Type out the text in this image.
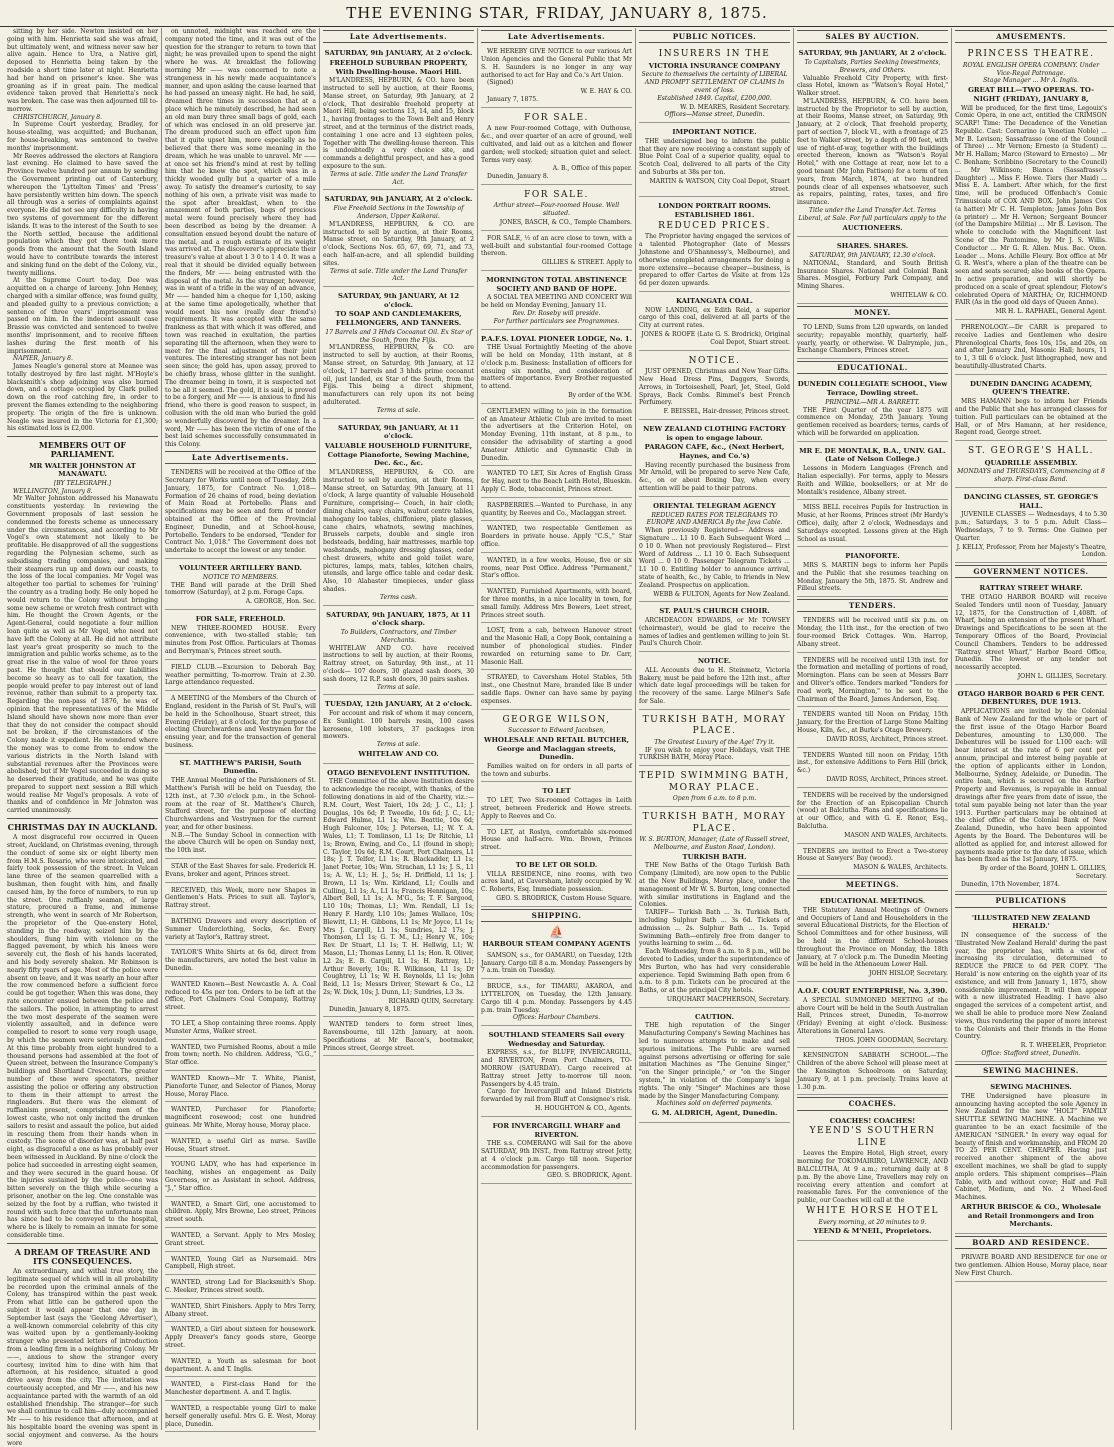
THE EVENING STAR, FRIDAY, JANUARY 8, 1875.
sitting by her side. Newton insisted on her going with him. Henrietta said she was afraid, but ultimately went, and witness never saw her alive again. Hence to Ura, a Native girl, deposed to Henrietta being taken by the roadside a short time later at night. Henrietta had her hand on prisoner's knee. She was groaning as if in great pain. The medical evidence taken proved that Henrietta's neck was broken. The case was then adjourned till to-morrow.
CHRISTCHURCH, January 8.
In Supreme Court yesterday, Bradley, for house-stealing, was acquitted; and Buchanan, for house-breaking, was sentenced to twelve months' imprisonment.
Mr Reeves addressed the electors at Rangiora last evening. He claimed to have saved the Province twelve hundred per annum by sending the Government printing out of Canterbury, whereupon the 'Lyttelton Times' and 'Press' have persistently written him down. The speech all through was a series of complaints against everyone. He did not see any difficulty in having two systems of government for the different islands. It was to the interest of the South to see the North settled, because the additional population which they got there took more goods from the amount that the South Island would have to contribute towards the interest and sinking fund on the debt of the Colony, viz., twenty millions.
At the Supreme Court to-day, Dee was acquitted on a charge of larceny. John Henney, charged with a similar offence, was found guilty, and pleaded guilty to a previous conviction; a sentence of three years' imprisonment was passed on him. In the indecent assault case Brassie was convicted and sentenced to twelve months' imprisonment, and to receive fifteen lashes during the first month of his imprisonment.
NAPIER, January 8.
James Neagle's general store at Meanee was totally destroyed by fire last night. M'Hoyle's blacksmith's shop adjoining was also burned down, and a cottage occupied by Clark pulled down on the roof catching fire, in order to prevent the flames extending to the neighboring property. The origin of the fire is unknown. Neagle was insured in the Victoria for £1,300; his estimated loss is £2,000.
MEMBERS OUT OF PARLIAMENT.
MR WALTER JOHNSTON AT MANAWATU.
[BY TELEGRAPH.]
WELLINGTON, January 8.
Mr Walter Johnston addressed his Manawatu constituents yesterday. In reviewing the Government proposals of last session he condemned the forests scheme as unnecessary under the circumstances, and according to Mr Vogel's own statement not likely to be profitable. He disapproved of all the suggestions regarding the Polynesian scheme, such as subsidising trading companies, and making their steamers run up and down our coasts, to the loss of the local companies. Mr Vogel was altogether too partial to schemes for 'ruining' the country as a trading body. He only hoped he would return to the Colony without bringing some new scheme or wretch fresh contract with him. He thought the Crown Agents, or the Agent-General, could negotiate a four million loan quite as well as Mr Vogel, who need not have left the Colony at all. He did not attribute last year's great prosperity so much to the immigration and public works scheme, as to the great rise in the value of wool for three years past. He thought that should our liabilities become so heavy as to call for taxation, the people would prefer to pay interest out of land revenue, rather than submit to a property tax. Regarding the non-pass of 1876, he was of opinion that the representatives of the Middle Island should have shown now more than ever that they do not consider the compact should not be broken, if the circumstances of the Colony made it expedient. He wondered where the money was to come from to endow the various districts in the North Island with substantial revenues after the Provinces were abolished; but if Mr Vogel succeeded in doing so he deserved their gratitude, and he was quite prepared to support next session a Bill which would realise Mr Vogel's proposals. A vote of thanks and of confidence in Mr Johnston was carried unanimously.
CHRISTMAS DAY IN AUCKLAND.
A most disgraceful row occurred in Queen street, Auckland, on Christmas evening, through the conduct of some six or eight liberty men from H.M.S. Rosario, who were intoxicated, and fairly took possession of the street. In Vulcan lane three of the seamen quarrelled with a bushman, then fought with him, and finally caused him, by the force of numbers, to run up the street. One ruffianly seaman, of large stature, procured a frame, and immense strength, who went in search of Mr Robertson, the proprietor of the Que-enstery Hotel, standing in the roadway, seized him by the shoulders, flung him with violence on the flagged pavement, by which his knees were severely cut, the flesh of his hands lacerated, and his body severely shaken. Mr Robinson is nearly fifty years of age. Most of the police were absent on leave, and it was nearly an hour after the row commenced before a sufficient force could be got together. When this was done, they rate encounter ensued between the police and the sailors. The police, in attempting to arrest the two most desperate of the seamen were violently assaulted, and in defence were compelled to resort to some very rough usage, by which the seamen were seriously wounded. At this time probably from eight hundred to a thousand persons had assembled at the foot of Queen street, between the Insurance Company's buildings and Shortland Crescent. The greater number of these were spectators, neither assisting the police or offering any obstruction to them in their attempt to arrest the ringleaders. But there was the element of ruffianism present, comprising men of the lowest caste, who not only incited the drunken sailors to resist and assault the police, but aided in rescuing them from their hands when in custody. The scene of disorder was, at half past eight, as disgraceful a one as has probably ever been witnessed in Auckland. By nine o'clock the police had succeeded in arresting eight seamen, and they were secured in the guard house. Of the injuries sustained by the police—one was bitten severely on the thigh while securing a prisoner, another on the leg. One constable was seized by the foot by a ruffian, who twisted it round with such force that the unfortunate man has since had to be conveyed to the hospital, where he is likely to remain an inmate for some considerable time.
A DREAM OF TREASURE AND ITS CONSEQUENCES.
An extraordinary, and withal true story, the legitimate sequel of which will in all probability be recorded upon the criminal annals of the Colony, has transpired within the past week. From what little can be gathered upon the subject it would appear that one day in September last (says the 'Geelong Advertiser'), a well-known commercial celebrity of this city was waited upon by a gentlemanly-looking stranger who presented letters of introduction from a leading firm in a neighboring Colony. Mr ——, anxious to show the stranger every courtesy, invited him to dine with him that afternoon, at his residence, situated a good drive away from the city. The invitation was courteously accepted, and Mr ——, and his new acquaintance parted with the warmth of an old established friendship. The stranger—for such we shall continue to call him—duly accompanied Mr —— to his residence that afternoon, and at his hospitable board the evening was spent in social enjoyment and converse. As the hours wore
on unnoted, midnight was reached ere the company noted the time, and it was out of the question for the stranger to return to town that night; he was prevailed upon to spend the night where he was. At breakfast the following morning Mr —— was concerned to note a strangeness in his newly made acquaintance's manner, and upon asking the cause learned that he had passed an uneasy night. He had, he said, dreamed three times in succession that at a place which he minutely described, he had seen an old man bury three small bags of gold, each of which was enclosed in an old preserve jar. The dream produced such an effect upon him that it quite upset him, more especially as he believed that there was some meaning in the dream, which he was unable to unravel. Mr —— at once set his friend's mind at rest by telling him that he knew the spot, which was in a thickly wooded gully but a quarter of a mile away. To satisfy the dreamer's curiosity, to say nothing of his own, a private visit was made to the spot after breakfast, when to the amazement of both parties, bags of precious metal were found precisely where they had been described as being by the dreamer. A consultation ensued beyond doubt the nature of the metal, and a rough estimate of its weight was arrived at. The discoverer's appreciate their treasure's value at about 1 3 0 to 1 4 0. It was a real that it should be divided equally between the finders, Mr —— being entrusted with the disposal of the metal. As the stranger, however, was in want of a trifle in the way of an advance, Mr —— handed him a cheque for 1,150, asking at the same time apologetically, whether that would meet his now (really dear friend's) requirements. It was accepted with the same frankness as that with which it was offered, and town was reached in exultation, the parties separating till the afternoon, when they were to meet for the final adjustment of their joint ventures. The interesting stranger has not been seen since; the gold has, upon assay, proved to be chiefly brass, whose glitter in the sunlight. The dreamer being in town, it is suspected not to be all it seemed. The gold, it is said, is proved to be a forgery, and Mr —— is anxious to find his friend, who there is good reason to suspect, in collusion with the old man who buried the gold so wonderfully discovered by the dreamer. In a word, Mr —— has been the victim of one of the best laid schemes successfully consummated in this Colony.
Late Advertisements.
TENDERS will be received at the Office of the Secretary for Works until noon of Tuesday, 26th January, 1875, for Contract No. 1,018—Formation of 26 chains of road, being deviation of Main Road at Portobello. Plans and specifications may be seen and form of tender obtained at the Office of the Provincial Engineer, Dunedin, and at School-house, Portobello. Tenders to be endorsed, "Tender for Contract No. 1,018." The Government does not undertake to accept the lowest or any tender.
VOLUNTEER ARTILLERY BAND.
NOTICE TO MEMBERS.
THE Band will parade at the Drill Shed tomorrow (Saturday), at 2 p.m. Forage Caps.
A. GEORGE, Hon. Sec.
FOR SALE, FREEHOLD.
NEW THREE-ROOMED HOUSE. Every convenience, with two-stalled stable; ten minutes from Post Office. Particulars at Thomas and Berryman's, Princes street south.
FIELD CLUB.—Excursion to Deborah Bay, weather permitting, To-morrow. Train at 2.30. Large attendance requested.
A MEETING of the Members of the Church of England, resident in the Parish of St. Paul's, will be held in the Schoolhouse, Stuart street, this Evening (Friday), at 8 o'clock, for the purpose of electing Churchwardens and Vestrymen for the ensuing year, and for the transaction of general business.
ST. MATTHEW'S PARISH, South Dunedin.
THE Annual Meeting of the Parishioners of St. Matthew's Parish will be held on Tuesday, the 12th inst., at 7.30 o'clock p.m., in the School-room at the rear of St. Matthew's Church, Stafford street, for the purpose of electing Churchwardens and Vestrymen for the current year, and for other business.
N.B.—The Sunday School in connection with the above Church will be open on Sunday next, the 10th inst.
STAR of the East Shaves for sale. Frederick H. Evans, broker and agent, Princes street.
RECEIVED, this Week, more new Shapes in Gentlemen's Hats. Prices to suit all. Taylor's, Rattray street.
BATHING Drawers and every description of Summer Underclothing, Socks, &c. Every variety at Taylor's, Rattray street.
TAYLOR'S White Shirts at 6s 6d, direct from the manufacturers, are noted the best value in Dunedin.
WANTED Known—Best Newcastle A. A. Coal reduced to 45s per ton. Orders to be left at the Office, Port Chalmers Coal Company, Rattray street.
TO LET, a Shop containing three rooms. Apply Munster Arms, Walker street.
WANTED, two Furnished Rooms, about a mile from town; north. No children. Address, "G.G.," Star office.
WANTED Known—Mr T. White, Pianist, Pianoforte Tuner, and Selector of Pianos, Moray House, Moray Place.
WANTED, Purchaser for Pianoforte; magnificent rosewood; cost one hundred guineas. Mr White, Moray house, Moray place.
WANTED, a useful Girl as nurse. Saville House, Stuart street.
YOUNG LADY, who has had experience in teaching, wishes an engagement as Daily Governess, or as Assistant in school. Address, "J.," Star office.
WANTED, a Smart Girl, one accustomed to children. Apply, Mrs Browne, Leo street, Princes street south.
WANTED, a Servant. Apply to Mrs Mosley, Grant street.
WANTED, Young Girl as Nursemaid. Mrs Campbell, High street.
WANTED, strong Lad for Blacksmith's Shop. C. Meeker, Princes street south.
WANTED, Shirt Finishers. Apply to Mrs Terry, Albany street.
WANTED, a Girl about sixteen for housework. Apply Dreaver's fancy goods store, George street.
WANTED, a Youth as salesman for boot department. A. and T. Inglis.
WANTED, a First-class Hand for the Manchester department. A. and T. Inglis.
WANTED, a respectable young Girl to make herself generally useful. Mrs G. E. West, Moray place, Dunedin.
Late Advertisements.
SATURDAY, 9th JANUARY, At 2 o'clock.
FREEHOLD SUBURBAN PROPERTY, With Dwelling-house. Maori Hill.
M'LANDRESS, HEPBURN, & CO. have been instructed to sell by auction, at their Rooms, Manse street, on Saturday, 9th January, at 2 o'clock, That desirable freehold property at Maori Hill, being sections 13, 14, and 15, block I., having frontages to the Town Belt and Henry street, and at the terminus of the district roads, containing 1 one acre and 13 eighteen poles, Together with The dwelling-house thereon. This is undoubtedly a very choice site, and commands a delightful prospect, and has a good exposure to the sun.
Terms at sale. Title under the Land Transfer Act.
SATURDAY, 9th JANUARY, At 2 o'clock.
Five Freehold Sections in the Township of Anderson, Upper Kaikorai.
M'LANDRESS, HEPBURN, & CO. are instructed to sell by auction, at their Rooms, Manse street, on Saturday, 9th January, at 2 o'clock, Sections Nos. 65, 67, 69, 71, and 73, each half-an-acre, and all splendid building sites.
Terms at sale. Title under the Land Transfer Act.
SATURDAY, 9th JANUARY, At 12 o'clock.
TO SOAP AND CANDLEMAKERS, FELLMONGERS, AND TANNERS.
17 Barrels and 3 Hhds Cocoanut Oil. Ex Star of the South, from the Fijis.
M'LANDRESS, HEPBURN, & CO. are instructed to sell by auction, at their Rooms, Manse street, on Saturday, 9th January, at 12 o'clock, 17 barrels and 3 hhds prime cocoanut oil, just landed, ex Star of the South, from the Fijis. This being a direct shipment, manufacturers can rely upon its not being adulterated.
Terms at sale.
SATURDAY, 9th JANUARY, At 11 o'clock.
VALUABLE HOUSEHOLD FURNITURE, Cottage Pianoforte, Sewing Machine, Dec. &c., &c.
M'LANDRESS, HEPBURN, & CO. are instructed to sell by auction, at their Rooms, Manse street, on Saturday, 9th January, at 11 o'clock, A large quantity of valuable Household Furniture, comprising— Couch, in hair cloth; dining chairs, easy chairs, walnut centre tables, mahogany loo tables, chiffoniere, plate glasses, cane chairs, whatnots, sewing machines, Brussels carpets, double and single iron bedsteads, bedding, hair mattresses, marble top washstands, mahogany dressing glasses, cedar chest drawers, white and gold toilet ware, pictures, lamps, mats, tables, kitchen chairs, utensils, and large office table and cedar desk. Also, 10 Alabaster timepieces, under glass shades.
Terms cash.
SATURDAY, 9th JANUARY, 1875, At 11 o'clock sharp.
To Builders, Contractors, and Timber Merchants.
WHITELAW AND CO. have received instructions to sell by auction, at their Rooms, Rattray street, on Saturday, 9th inst., at 11 o'clock— 107 doors, 30 glazed sash doors, 30 sash doors, 12 R.P. sash doors, 30 pairs sashes.
Terms at sale.
TUESDAY, 12th JANUARY, At 2 o'clock.
For account and risk of whom it may concern, Ex Sunlight. 100 barrels resin, 100 cases kerosene, 100 lobsters, 37 packages iron mowers.
Terms at sale.
WHITELAW AND CO.
OTAGO BENEVOLENT INSTITUTION.
THE Committee of the above Institution desire to acknowledge the receipt, with thanks, of the following donations in aid of the Charity, viz.:— R.M. Court, West Taieri, 10s 2d; J. C., L1; J. Douglas, 10s 6d; P. Tweedie, 10s 6d; J. C., L1; Edward Hulme, L1 1s; Wm. Beattie, 10s 6d; Hugh Falconer, 10s; J. Petersen, L1; W. Y. A. Wales, L1; T. Tomlinson, L1 1s; Dr Ritchie, L1 1s; Brown, Ewing, and Co., L1 (found in shop); C. Taylor, 10s 6d; R.M. Court, Port Chalmers, L1 18s; J. T. Telfer, L1 1s; R. Blackadder, L1 1s; Janet Porter, 10s; Wm. Strachan, L1 1s; J. S., L1 1s; A. W., L1; H. J., 5s; H. Driffield, L1 1s; J. Brown, L1 1s; Wm. Kirkland, L1; Coulls and Culling, L1 1s; A., L1 1s; Francis Hennigan, 10s; Albert Bell, L1 1s; A. M'G., 5s; T. F. Sargood, L10 10s; Thomas, L1; Wm. Rendall, L1 1s; Henry F. Hardy, L10 10s; James Wallace, 10s; Blewitt, L1; H. Gibbons, L1 1s; Mr Joyce, L1 1s; Mrs J. Cargill, L1 1s; Sundries, L2 17s; J. Thomson, L1 1s; G. T. M., L1; Henry W., 10s; Rev. Dr Stuart, L1 1s; T. H. Hellwig, L1; W. Mason, L1; Thomas Lenny, L1 1s; Hon. R. Oliver, L2 2s; E. B. Cargill, L1 1s; H. Rattray, L1; Arthur Beverly, 10s; R. Wilkinson, L1 1s; Dr Coughtrey, L1 1s; W. H. Reynolds, L1 1s; John Reid, L1 1s; Messrs Driver, Stewart & Co., L2 2s; W. Dick, 10s; J. Dunn, L1; Sundries, L3 3s.
RICHARD QUIN, Secretary.
Dunedin, January 8, 1875.
WANTED tenders to form street lines, Ravensbourne, till 12th January, at noon. Specifications at Mr Bacon's, bootmaker, Princes street, George street.
Late Advertisements.
WE HEREBY GIVE NOTICE to our various Art Union Agencies and the General Public that Mr S. H. Saunders is no longer in any way authorised to act for Hay and Co.'s Art Union.
(Signed)
W. E. HAY & CO.
January 7, 1875.
FOR SALE.
A new Four-roomed Cottage, with Outhouse, &c., and over quarter of an acre of ground, well cultivated, and laid out as a kitchen and flower garden; well stocked; situation quiet and select. Terms very easy.
A. B., Office of this paper.
Dunedin, January 8.
FOR SALE.
Arthur street—Four-roomed House. Well situated.
JONES, BASCH, & CO., Temple Chambers.
FOR SALE, ½ of an acre close to town, with a well-built and substantial four-roomed Cottage thereon.
GILLIES & STREET. Apply to
MORNINGTON TOTAL ABSTINENCE SOCIETY AND BAND OF HOPE.
A SOCIAL TEA MEETING AND CONCERT Will be held on Monday Evening, January 11.
Rev. Dr. Roseby will preside.
For further particulars see Programmes.
P.A.F.S. LOYAL PIONEER LODGE, No. 1.
THE Usual Fortnightly Meeting of the above will be held on Monday, 11th instant, at 8 o'clock p.m. Business: Installation of officers for ensuing six months, and consideration of matters of importance. Every Brother requested to attend.
By order of the W.M.
GENTLEMEN willing to join in the formation of an Amateur Athletic Club are invited to meet the advertisers at the Criterion Hotel, on Monday Evening, 11th instant, at 8 p.m., to consider the advisability of starting a good Amateur Athletic and Gymnastic Club in Dunedin.
WANTED TO LET, Six Acres of English Grass for Hay, next to the Beach Leith Hotel, Blueskin. Apply C. Bode, tobacconist, Princes street.
RASPBERRIES.—Wanted to Purchase, in any quantity, by Reeves and Co., Maclaggan street.
WANTED, two respectable Gentlemen as Boarders in private house. Apply "C.S.," Star office.
WANTED, in a few weeks, House, five or six rooms, near Post Office. Address "Permanent," Star's office.
WANTED, Furnished Apartments, with board, for three months, in a nice locality in town, for small family. Address Mrs Bowers, Leet street, Princes street south.
LOST, from a cab, between Hanover street and the Masonic Hall, a Copy Book, containing a number of phonological studies. Finder rewarded on returning same to Dr. Carr, Masonic Hall.
STRAYED, to Caversham Hotel Stables, 5th inst., one Chestnut Mare, branded like B under saddle flaps. Owner can have same by paying expenses.
GEORGE WILSON,
Successor to Edward Jacobsen,
WHOLESALE AND RETAIL BUTCHER, George and Maclaggan streets, Dunedin.
Families waited on for orders in all parts of the town and suburbs.
TO LET
TO LET, Two Six-roomed Cottages in Leith street, between Frederick and Howe streets. Apply to Reeves and Co.
TO LET, at Roslyn, comfortable six-roomed House and half-acre. Wm. Brown, Princes street.
TO BE LET OR SOLD.
VILLA RESIDENCE, nine rooms, with two acres land, at Caversham, lately occupied by W. C. Roberts, Esq. Immediate possession.
GEO. S. BRODRICK, Custom House Square.
SHIPPING.
⛵
HARBOUR STEAM COMPANY AGENTS
SAMSON, s.s., for OAMARU, on Tuesday, 12th January. Cargo till 8 a.m. Monday. Passengers by 7 a.m. train on Tuesday.
BRUCE, s.s., for TIMARU, AKAROA, and LYTTELTON, on Tuesday, the 12th January. Cargo till 4 p.m. Monday. Passengers by 4.45 p.m. train Tuesday.
Offices: Harbour Chambers.
SOUTHLAND STEAMERS Sail every Wednesday and Saturday.
EXPRESS, s.s., for BLUFF, INVERCARGILL, and RIVERTON, From Port Chalmers, TO-MORROW (SATURDAY). Cargo received at Rattray street Jetty to-morrow till noon. Passengers by 4.45 train.
Cargo for Invercargill and Inland Districts forwarded by rail from Bluff at Consignee's risk.
H. HOUGHTON & CO., Agents.
FOR INVERCARGILL WHARF and RIVERTON.
THE s.s. COMERANG will Sail for the above SATURDAY, 9th INST., from Rattray street Jetty, at 4 o'clock p.m. Cargo till noon. Superior accommodation for passengers.
GEO. S. BRODRICK, Agent.
PUBLIC NOTICES.
INSURERS IN THE
VICTORIA INSURANCE COMPANY
Secure to themselves the certainty of LIBERAL AND PROMPT SETTLEMENT OF CLAIMS In event of loss.
Established 1849. Capital, £200,000.
W. D. MEARES, Resident Secretary.
Offices—Manse street, Dunedin.
IMPORTANT NOTICE.
THE undersigned beg to inform the public that they are now receiving a constant supply of Blue Point Coal of a superior quality, equal to Scotch Coal, delivered to all parts of the City and Suburbs at 38s per ton.
MARTIN & WATSON, City Coal Depot, Stuart street.
LONDON PORTRAIT ROOMS. ESTABLISHED 1861.
REDUCED PRICES.
The Proprietor having engaged the services of a talented Photographer (late of Messrs Johnstone and O'Shannessy's, Melbourne), and otherwise completed arrangements for doing a more extensive—because cheaper—business, is prepared to offer Cartes de Visite at from 12s 6d per dozen upwards.
KAITANGATA COAL.
NOW LANDING, ex Edith Reid, a superior cargo of this coal, delivered at all parts of the City at current rates.
JONES & ROOFE (Late G. S. Brodrick), Original Coal Depot, Stuart street.
NOTICE.
JUST OPENED, Christmas and New Year Gifts. New Head Dress Pins, Daggers, Swords, Arrows, in Tortoiseshell, Pearl, Jet, Steel, Gold Sprays, Back Combs. Rimmel's best French Perfumery.
F. BEISSEL, Hair-dresser, Princes street.
NEW ZEALAND CLOTHING FACTORY is open to engage labour.
PARAGON CAFE, &c., (Next Herbert, Haynes, and Co.'s)
Having recently purchased the business from Mr Arnold, will be prepared to serve New Cafe, &c., on or about Boxing Day, when every attention will be paid to their patrons.
ORIENTAL TELEGRAM AGENCY
REDUCED RATES FOR TELEGRAMS TO EUROPE AND AMERICA By the Java Cable.
When previously Registered— Address and Signature ... L1 10 0. Each Subsequent Word ... 0 10 0. When not previously Registered— First Word of Address ... L1 10 0. Each Subsequent Word ... 0 10 0. Passenger Telegram Tickets ... L1 10 0. Entitling holder to announce arrival, state of health, &c., by Cable, to friends in New Zealand. Prospectus on application.
WEBB & FULTON, Agents for New Zealand.
ST. PAUL'S CHURCH CHOIR.
ARCHDEACON EDWARDS, or Mr TOWSEY (choirmaster), would be glad to receive the names of ladies and gentlemen willing to join St. Paul's Church Choir.
NOTICE.
ALL Accounts due to H. Steinmetz, Victoria Bakery, must be paid before the 12th inst., after which date legal proceedings will be taken for the recovery of the same. Large Milner's Safe for Sale.
TURKISH BATH, MORAY PLACE.
The Greatest Luxury of the Age! Try it.
IF you wish to enjoy your Holidays, visit THE TURKISH BATH, Moray Place.
TEPID SWIMMING BATH, MORAY PLACE.
Open from 6 a.m. to 8 p.m.
TURKISH BATH, MORAY PLACE.
W. S. BURTON, Manager, (Late of Russell street, Melbourne, and Euston Road, London).
TURKISH BATH.
THE New Baths of the Otago Turkish Bath Company (Limited), are now open to the Public at the New Buildings, Moray place, under the management of Mr W. S. Burton, long connected with similar institutions in England and the Colonies.
TARIFF— Turkish Bath ... 3s. Turkish Bath, including Sulphur Bath ... 3s 6d. Tickets of admission ... 2s. Sulphur Bath ... 1s. Tepid Swimming Bath—entirely free from danger to youths learning to swim ... 6d.
Each Wednesday, from 8 a.m. to 8 p.m., will be devoted to Ladies, under the superintendence of Mrs Burton, who has had very considerable experience. Tepid Swimming Bath open from 6 a.m. to 8 p.m. Tickets can be procured at the Baths, or at the principal City hotels.
URQUHART MACPHERSON, Secretary.
CAUTION.
THE high reputation of the Singer Manufacturing Company's Sewing Machines has led to numerous attempts to make and sell spurious imitations. The Public are warned against persons advertising or offering for sale imitation Machines as "The Genuine Singer," "on the Singer principle," or "on the Singer system," in violation of the Company's legal rights. The only "Singer" Machines are those made by the Singer Manufacturing Company.
Machines sold on deferred payments.
G. M. ALDRICH, Agent, Dunedin.
SALES BY AUCTION.
SATURDAY, 9th JANUARY, At 2 o'clock.
To Capitalists, Parties Seeking Investments, Brewers, and Others.
Valuable Freehold City Property, with first-class Hotel, known as "Watson's Royal Hotel," Walker street.
M'LANDRESS, HEPBURN, & CO. have been instructed by the Proprietor to sell by auction, at their Rooms, Manse street, on Saturday, 9th January, at 2 o'clock, That freehold property, part of section 7, block VI., with a frontage of 25 feet to Walker street, by a depth of 90 feet, with use of right-of-way, together with the buildings erected thereon, known as "Watson's Royal Hotel," with one Cottage at rear, now let to a good tenant (Mr John Pattison) for a term of ten years, from March, 1874, at two hundred pounds clear of all expenses whatsoever, such as repairs, painting, rates, taxes, and fire insurance.
Title under the Land Transfer Act. Terms Liberal, at Sale. For full particulars apply to the
AUCTIONEERS.
SHARES. SHARES.
SATURDAY, 9th JANUARY, 12.30 o'clock.
NATIONAL, Standard, and South British Insurance Shares. National and Colonial Bank Shares. Mosgiel, Forbury Park Company, and Mining Shares.
WHITELAW & CO.
MONEY.
TO LEND, Sums from L20 upwards, on landed security; repayable monthly, quarterly, half-yearly, yearly, or otherwise. W. Dalrymple, jun., Exchange Chambers, Princes street.
EDUCATIONAL.
DUNEDIN COLLEGIATE SCHOOL, View Terrace, Dowling street.
PRINCIPAL—MR A. BARRETT.
THE First Quarter of the year 1875 will commence on Monday, 25th January. Young gentlemen received as boarders; terms, cards of which will be forwarded on application.
MR E. DE MONTALK, B.A., UNIV. GAL. (Late of Nelson College.)
Lessons in Modern Languages (French and Italian especially). For terms, apply to Messrs Reith and Wilkie, booksellers; or at Mr de Montalk's residence, Albany street.
MISS BELL receives Pupils for Instruction in Music, at her Rooms, Princes street (Mr Hardy's Office), daily, after 2 o'clock, Wednesdays and Saturdays excepted. Lessons given at the High School as usual.
PIANOFORTE.
MRS S. MARTIN begs to inform her Pupils and the Public that she resumes teaching on Monday, January the 5th, 1875. St. Andrew and Filleul streets.
TENDERS.
TENDERS will be received until six p.m. on Monday, the 11th inst., for the erection of two four-roomed Brick Cottages. Wm. Harrop, Albany street.
TENDERS will be received until 13th inst. for the formation and metalling of portions of road, Mornington. Plans can be seen at Messrs Barr and Oliver's office. Tenders marked "Tenders for road work, Mornington," to be sent to the Chairman of the Board, James Anderson, Esq.
TENDERS wanted till Noon on Friday, 15th January, for the Erection of Large Stone Malting House, Kiln, &c., at Burke's Otago Brewery.
DAVID ROSS, Architect, Princes street.
TENDERS Wanted till noon on Friday, 15th inst., for extensive Additions to Fern Hill (brick, &c.)
DAVID ROSS, Architect, Princes street.
TENDERS will be received by the undersigned for the Erection of an Episcopalian Church (wood) at Balclutha. Plans and specifications lie at our Office, and with G. E. Renor, Esq., Balclutha.
MASON AND WALES, Architects.
TENDERS are invited to Erect a Two-storey House at Sawyers' Bay (wood).
MASON & WALES, Architects.
MEETINGS.
EDUCATIONAL MEETINGS.
THE Statutory Annual Meetings of Owners and Occupiers of Land and Householders in the several Educational Districts, for the Election of School Committees and for other business, will be held in the different School-houses throughout the Province on Monday, the 18th January, at 7 o'clock p.m. The Dunedin Meeting will be held in the Athenaeum Lower Hall.
JOHN HISLOP, Secretary.
A.O.F. COURT ENTERPRISE, No. 3,390.
A SPECIAL SUMMONED MEETING of the above Court will be held in the South Australian Hall, Princes street, Dunedin, To-morrow (Friday) Evening at eight o'clock. Business: Alterations in General Laws.
THOS. JOHN GOODMAN, Secretary.
KENSINGTON SABBATH SCHOOL.—The Children of the above School will please meet at the Kensington Schoolroom on Saturday, January 9, at 1 p.m. precisely. Trains leave at 1.30 p.m.
COACHES.
COACHES! COACHES!
YEEND'S SOUTHERN LINE
Leaves the Empire Hotel, High street, every morning for TOKOMAIRIRO, LAWRENCE, AND BALCLUTHA, At 9 a.m.; returning daily at 8 p.m. By the above Line, Travellers may rely on receiving every attention and comfort at reasonable fares. For the convenience of the public, our Coaches will call at the
WHITE HORSE HOTEL
Every morning, at 20 minutes to 9.
YEEND & M'NEIL, Proprietors.
AMUSEMENTS.
PRINCESS THEATRE.
ROYAL ENGLISH OPERA COMPANY. Under Vice-Regal Patronage.
Stage Manager ... Mr A. Inglis.
GREAT BILL—TWO OPERAS. TO-NIGHT (FRIDAY), JANUARY 8,
Will be produced, for the first time, Legouix's Comic Opera, in one act, entitled the CRIMSON SCARF! Time: The Decadence of the Venetian Republic. Cast: Cornarino (a Venetian Noble) ... Mr B. Levison; Sassafrasso (one of the Council of Three) ... Mr Vernon; Ernesto (a Student) ... Mr H. Hallam; Marco (Steward to Ernesto) ... Mr C. Benham; Scribbino (Secretary to the Council) ... Mr Wilkinson; Bianca (Sassafrasso's Daughter) ... Miss F. Howe. Tiers (her Maid) ... Miss E. A. Lambert. After which, for the first time, will be produced Offenbach's Comic Trimusicale of COX AND BOX. John James Cox (a hatter) Mr C. H. Templeton; James John Box (a printer) ... Mr H. Vernon; Sergeant Bouncer (of the Dampshire Militia) ... Mr B. Levison. The whole to conclude with the Magnificent last Scene of the Pantomime, by Mr J. S. Willis. Conductor ... Mr G. R. Allen. Mus. Bac. Oxon. Leader ... Mons. Achille Fleury. Box office at Mr G. R. West's, where a plan of the theatre can be seen and seats secured; also books of the Opera. In active preparation, and will shortly be produced on a scale of great splendour, Flotow's celebrated Opera of MARTHA; Or, RICHMOND FAIR (As in the good old days of Queen Anne).
MR H. L. RAPHAEL, General Agent.
PHRENOLOGY.—Dr CARR is prepared to receive Ladies and Gentlemen who desire Phrenological Charts, fees 10s, 15s, and 20s, on and after January 2nd, Masonic Hall; hours, 11 to 1, 3 till 6 o'clock. Just lithographed, new and beautifully-illustrated Charts.
DUNEDIN DANCING ACADEMY, QUEEN'S THEATRE.
MRS HAMANN begs to inform her Friends and the Public that she has arranged classes for tuition. Full particulars can be obtained at the Hall, or of Mrs Hamann, at her residence, Regent road, George street.
ST. GEORGE'S HALL.
QUADRILLE ASSEMBLY.
MONDAYS and THURSDAYS, Commencing at 8 sharp. First-class Band.
DANCING CLASSES, ST. GEORGE'S HALL.
JUVENILE CLASSES — Wednesdays, 4 to 5.30 p.m.; Saturdays, 3 to 5 p.m. Adult Class—Wednesdays, 7 to 9. Terms: One Guinea per Quarter.
J. KELLY, Professor, From her Majesty's Theatre, London.
GOVERNMENT NOTICES.
RATTRAY STREET WHARF.
THE OTAGO HARBOR BOARD will receive Sealed Tenders until noon of Tuesday, January 12, 1875, for the Construction of 1,408ft. of Wharf, being an extension of the present Wharf. Drawings and Specifications to be seen at the Temporary Offices of the Board, Provincial Council Chambers. Tenders to be addressed "Rattray street Wharf," Harbor Board Office, Dunedin. The lowest or any tender not necessarily accepted.
JOHN L. GILLIES, Secretary.
OTAGO HARBOR BOARD 6 PER CENT. DEBENTURES, DUE 1913.
APPLICATIONS are invited by the Colonial Bank of New Zealand for the whole or part of the first issue of the Otago Harbor Board Debentures, amounting to L30,000. The Debentures will be issued for L100 each: will bear interest at the rate of 6 per cent per annum, principal and interest being payable at the option of applicants either in London, Melbourne, Sydney, Adelaide, or Dunedin. The entire loan, which is secured on the Harbor Property and Revenues, is repayable in annual drawings after five years from date of issue, the total sum payable being not later than the year 1913. Further particulars may be obtained at the chief office of the Colonial Bank of New Zealand, Dunedin, who have been appointed Agents by the Board. The Debentures will be allotted as applied for, and interest allowed for payments made prior to the date of issue, which has been fixed as the 1st January, 1875.
By order of the Board, JOHN L. GILLIES, Secretary.
Dunedin, 17th November, 1874.
PUBLICATIONS
'ILLUSTRATED NEW ZEALAND HERALD.'
IN consequence of the success of the 'Illustrated New Zealand Herald' during the past year, the proprietor has, with a view of increasing its circulation, determined to REDUCE the PRICE to 6d PER COPY. 'The Herald' is now entering on the eighth year of its existence, and will from January 1, 1875, show considerable improvement. It will then appear with a new illustrated Heading. I have also engaged the services of a competent artist, and we shall be able to produce more New Zealand views, thus rendering the paper of more interest to the Colonists and their friends in the Home Country.
R. T. WHEELER, Proprietor.
Office: Stafford street, Dunedin.
SEWING MACHINES.
SEWING MACHINES.
THE Undersigned have pleasure in announcing having accepted the sole Agency in New Zealand for the new "HOLT" FAMILY SHUTTLE SEWING MACHINE. A Machine we guarantee to be an exact facsimile of the AMERICAN "SINGER." In every way equal for beauty of finish and workmanship, and FROM 20 TO 25 PER CENT. CHEAPER. Having just received another shipment of the above excellent machines, we shall be glad to supply ample orders. This shipment comprises—Plain Table, with and without cover; Half and Full Cabinet, Medium, and No. 2 Wheel-feed Machines.
ARTHUR BRISCOE & CO., Wholesale and Retail Ironmongers and Iron Merchants.
BOARD AND RESIDENCE.
PRIVATE BOARD AND RESIDENCE for one or two gentlemen. Albion House, Moray place, near New First Church.
